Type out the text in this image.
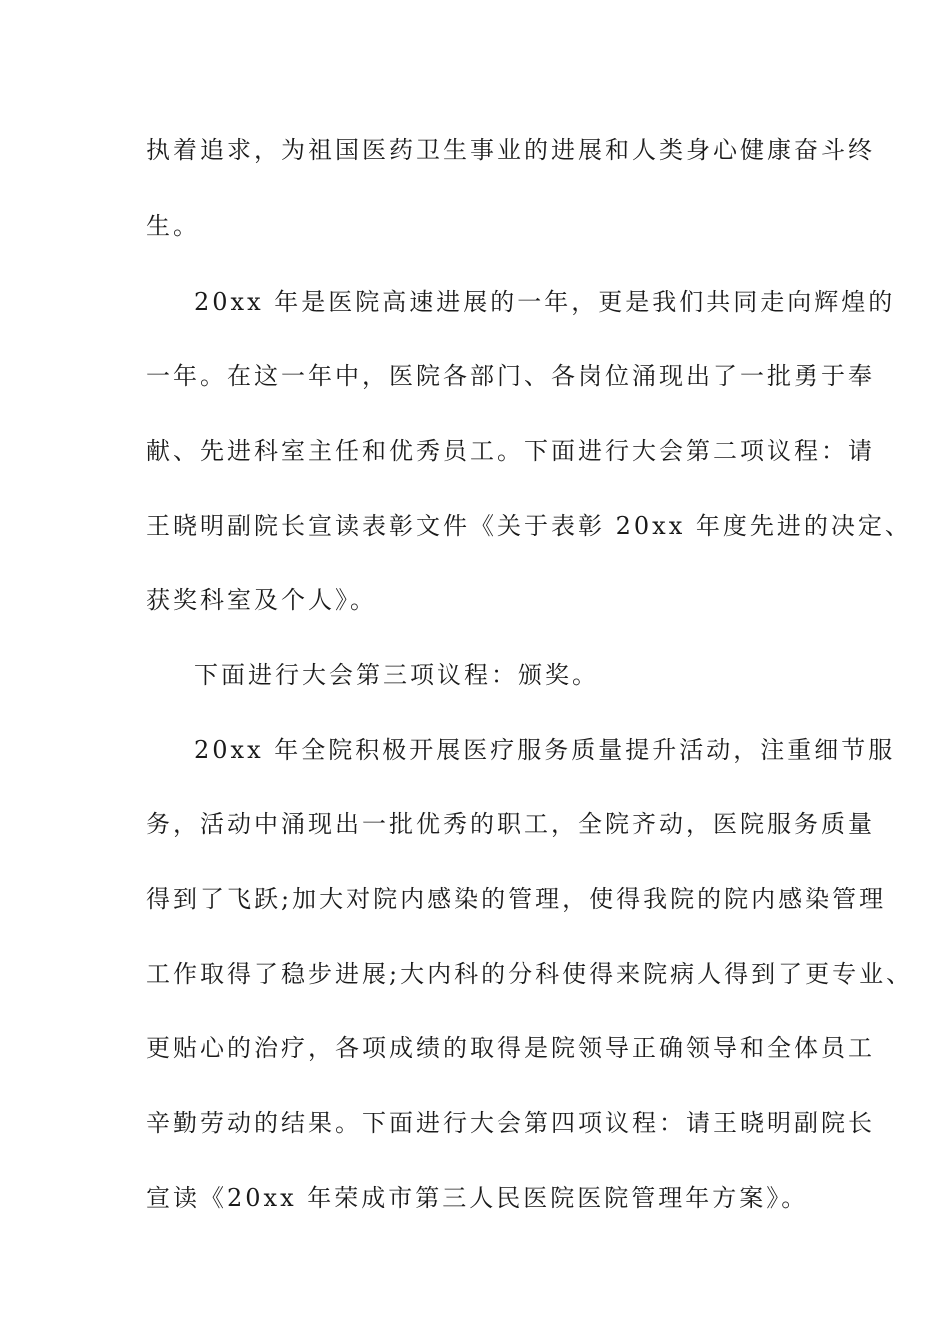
执着追求，为祖国医药卫生事业的进展和人类身心健康奋斗终
生。
20xx 年是医院高速进展的一年，更是我们共同走向辉煌的
一年。在这一年中，医院各部门、各岗位涌现出了一批勇于奉
献、先进科室主任和优秀员工。下面进行大会第二项议程：请
王晓明副院长宣读表彰文件《关于表彰 20xx 年度先进的决定、
获奖科室及个人》。
下面进行大会第三项议程：颁奖。
20xx 年全院积极开展医疗服务质量提升活动，注重细节服
务，活动中涌现出一批优秀的职工，全院齐动，医院服务质量
得到了飞跃;加大对院内感染的管理，使得我院的院内感染管理
工作取得了稳步进展;大内科的分科使得来院病人得到了更专业、
更贴心的治疗，各项成绩的取得是院领导正确领导和全体员工
辛勤劳动的结果。下面进行大会第四项议程：请王晓明副院长
宣读《20xx 年荣成市第三人民医院医院管理年方案》。
